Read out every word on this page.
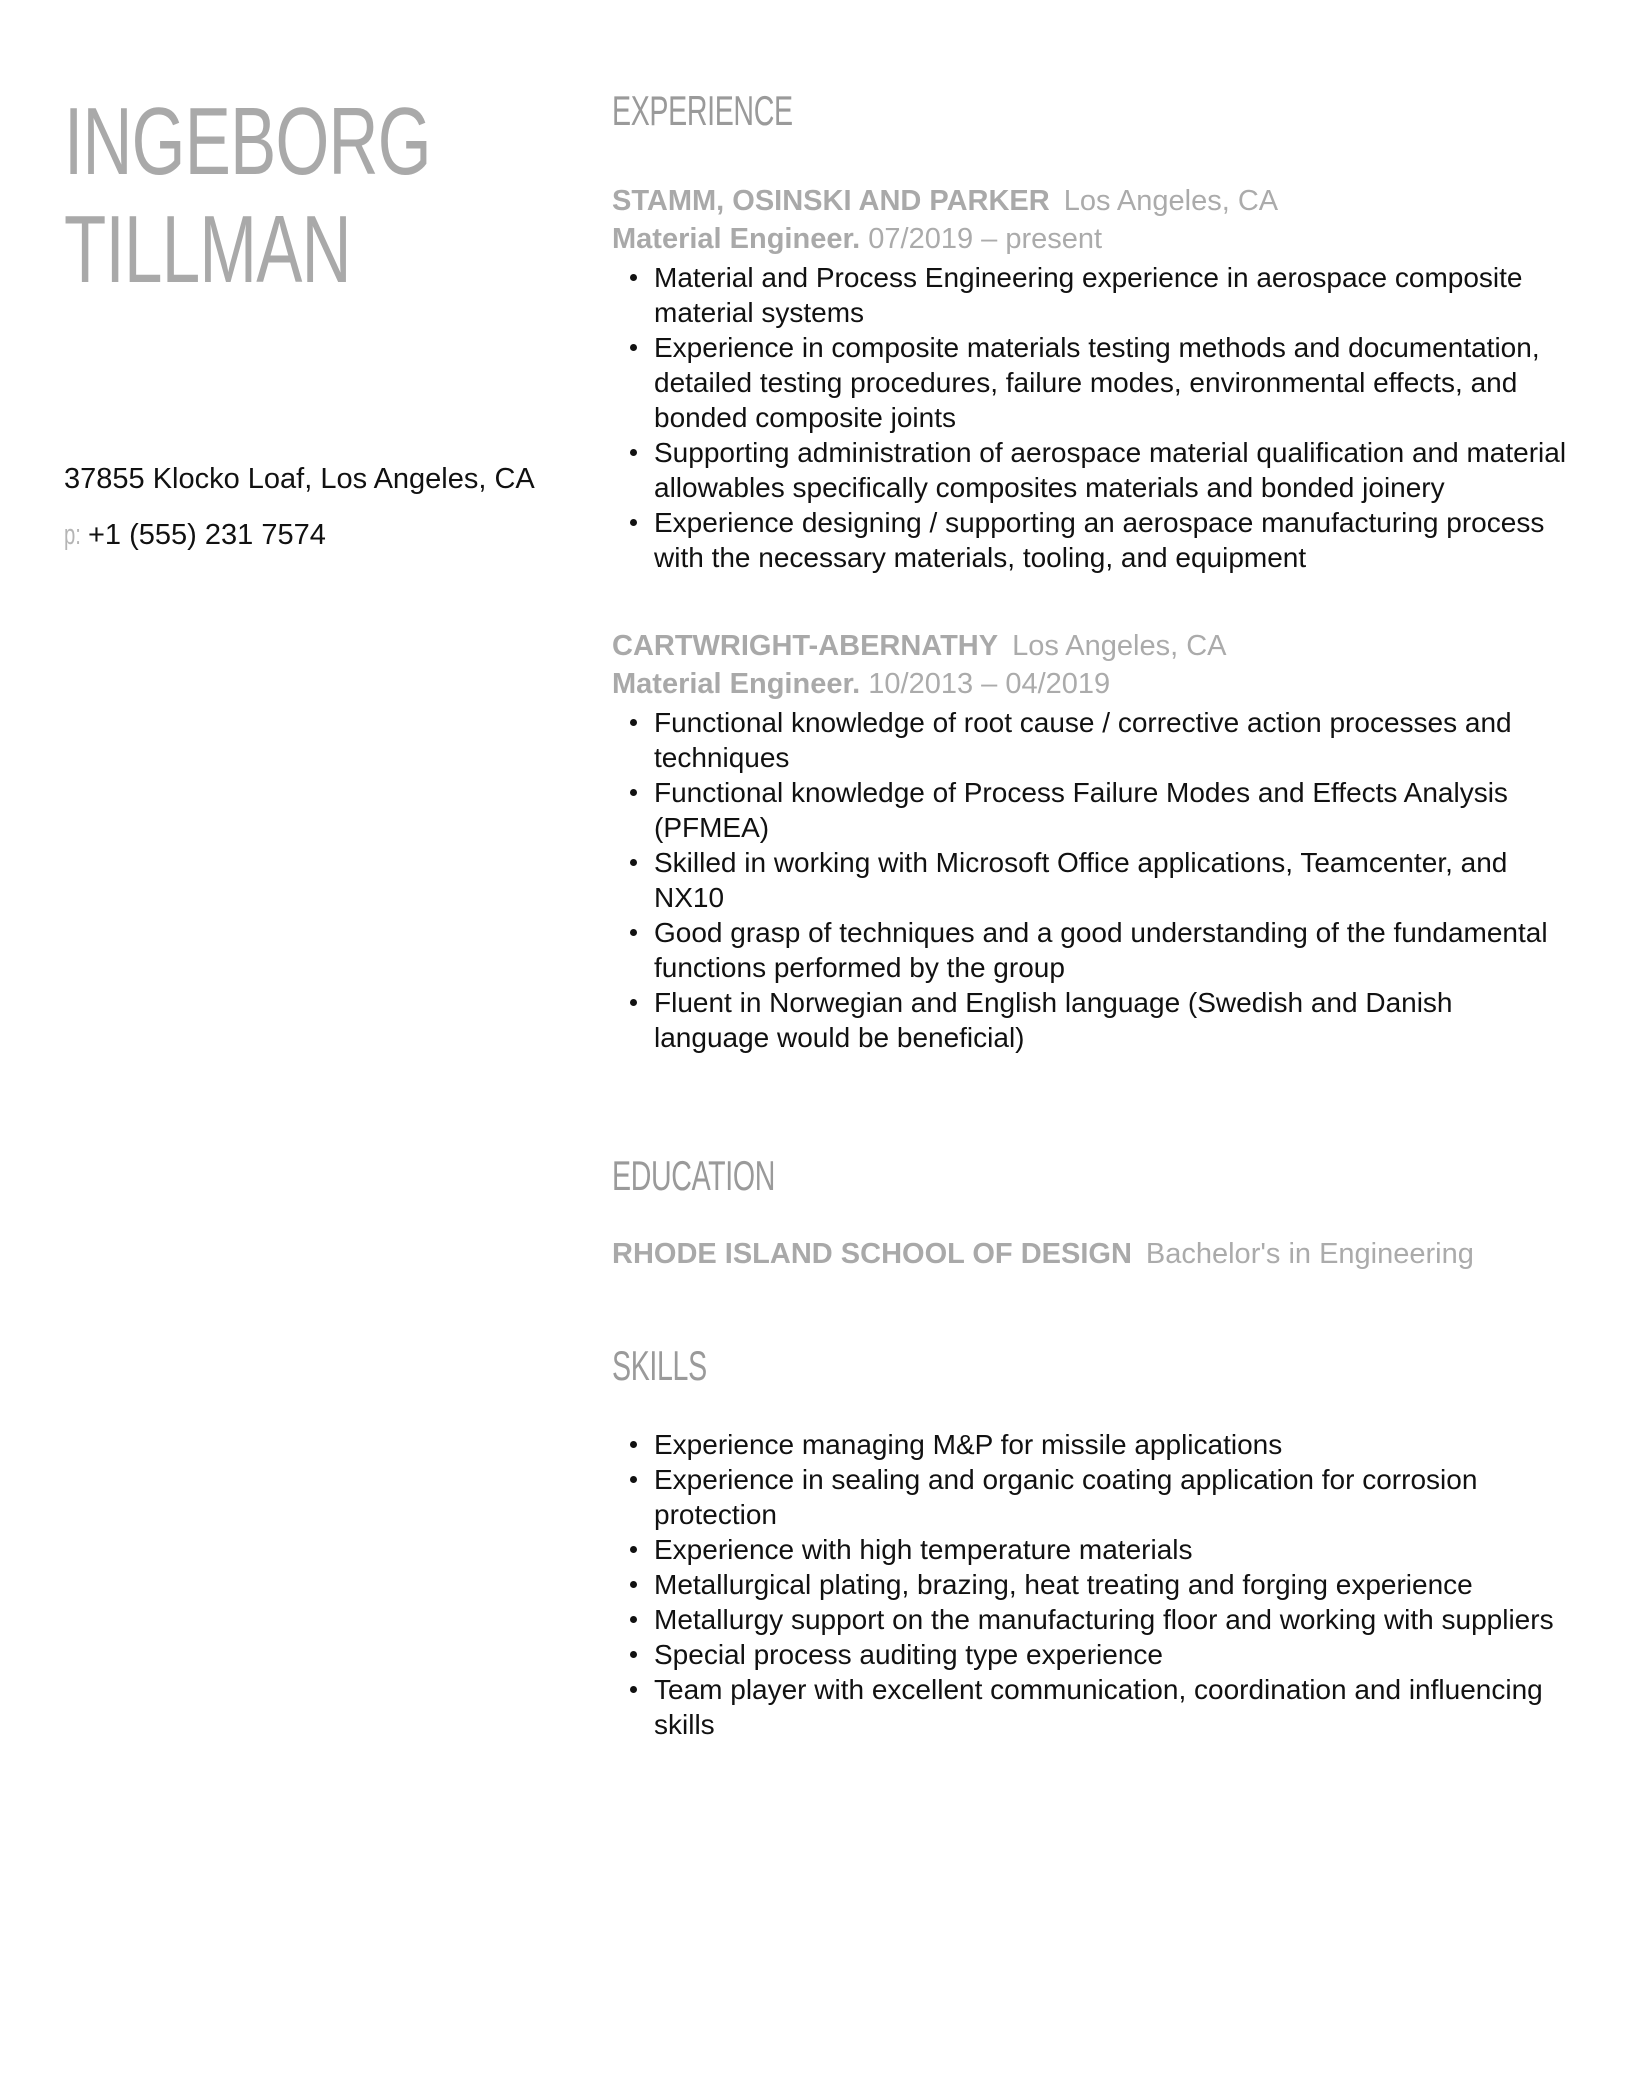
INGEBORG
TILLMAN
37855 Klocko Loaf, Los Angeles, CA
p: +1 (555) 231 7574
EXPERIENCE
STAMM, OSINSKI AND PARKER Los Angeles, CA
Material Engineer. 07/2019 – present
Material and Process Engineering experience in aerospace composite material systems
Experience in composite materials testing methods and documentation, detailed testing procedures, failure modes, environmental effects, and bonded composite joints
Supporting administration of aerospace material qualification and material allowables specifically composites materials and bonded joinery
Experience designing / supporting an aerospace manufacturing process with the necessary materials, tooling, and equipment
CARTWRIGHT-ABERNATHY Los Angeles, CA
Material Engineer. 10/2013 – 04/2019
Functional knowledge of root cause / corrective action processes and techniques
Functional knowledge of Process Failure Modes and Effects Analysis (PFMEA)
Skilled in working with Microsoft Office applications, Teamcenter, and NX10
Good grasp of techniques and a good understanding of the fundamental functions performed by the group
Fluent in Norwegian and English language (Swedish and Danish language would be beneficial)
EDUCATION
RHODE ISLAND SCHOOL OF DESIGN Bachelor's in Engineering
SKILLS
Experience managing M&P for missile applications
Experience in sealing and organic coating application for corrosion protection
Experience with high temperature materials
Metallurgical plating, brazing, heat treating and forging experience
Metallurgy support on the manufacturing floor and working with suppliers
Special process auditing type experience
Team player with excellent communication, coordination and influencing skills
